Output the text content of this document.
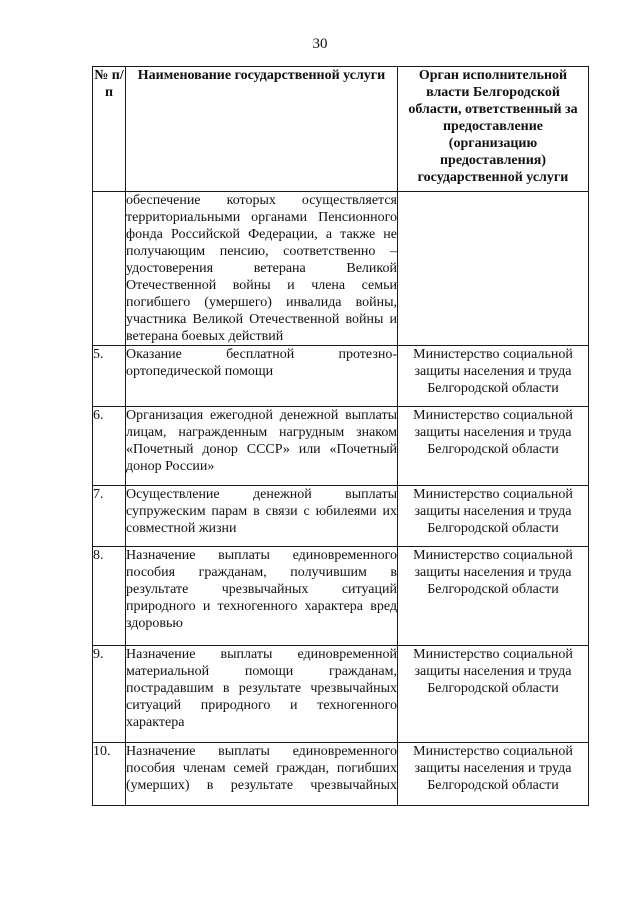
30
№ п/п	Наименование государственной услуги	Орган исполнительной власти Белгородской области, ответственный за предоставление (организацию предоставления) государственной услуги
	обеспечение которых осуществляется территориальными органами Пенсионного фонда Российской Федерации, а также не получающим пенсию, соответственно – удостоверения ветерана Великой Отечественной войны и члена семьи погибшего (умершего) инвалида войны, участника Великой Отечественной войны и ветерана боевых действий	
5.	Оказание бесплатной протезно-ортопедической помощи	Министерство социальной защиты населения и труда Белгородской области
6.	Организация ежегодной денежной выплаты лицам, награжденным нагрудным знаком «Почетный донор СССР» или «Почетный донор России»	Министерство социальной защиты населения и труда Белгородской области
7.	Осуществление денежной выплаты супружеским парам в связи с юбилеями их совместной жизни	Министерство социальной защиты населения и труда Белгородской области
8.	Назначение выплаты единовременного пособия гражданам, получившим в результате чрезвычайных ситуаций природного и техногенного характера вред здоровью	Министерство социальной защиты населения и труда Белгородской области
9.	Назначение выплаты единовременной материальной помощи гражданам, пострадавшим в результате чрезвычайных ситуаций природного и техногенного характера	Министерство социальной защиты населения и труда Белгородской области
10.	Назначение выплаты единовременного пособия членам семей граждан, погибших (умерших) в результате чрезвычайных	Министерство социальной защиты населения и труда Белгородской области
